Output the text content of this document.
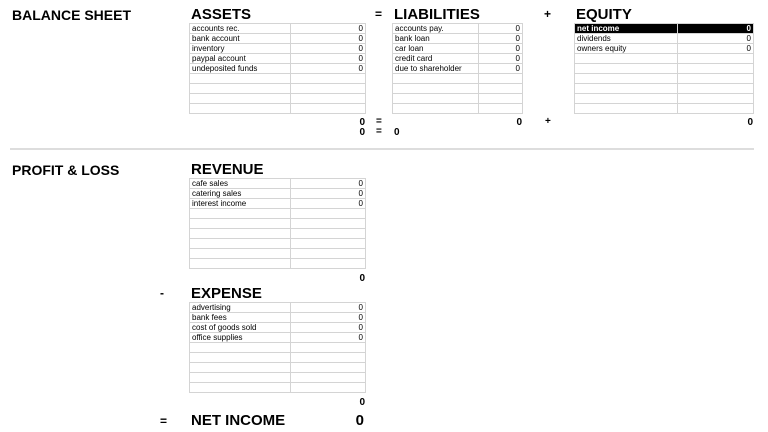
BALANCE SHEET	ASSETS	= LIABILITIES	+ EQUITY
accounts rec.	0
bank account	0
inventory	0
paypal account	0
undeposited funds	0

accounts pay.	0
bank loan	0
car loan	0
credit card	0
due to shareholder	0

net income	0
dividends	0
owners equity	0

0 =	0 +	0
0 = 0
PROFIT & LOSS	REVENUE
cafe sales	0
catering sales	0
interest income	0

0
- EXPENSE
advertising	0
bank fees	0
cost of goods sold	0
office supplies	0

0
= NET INCOME	0
